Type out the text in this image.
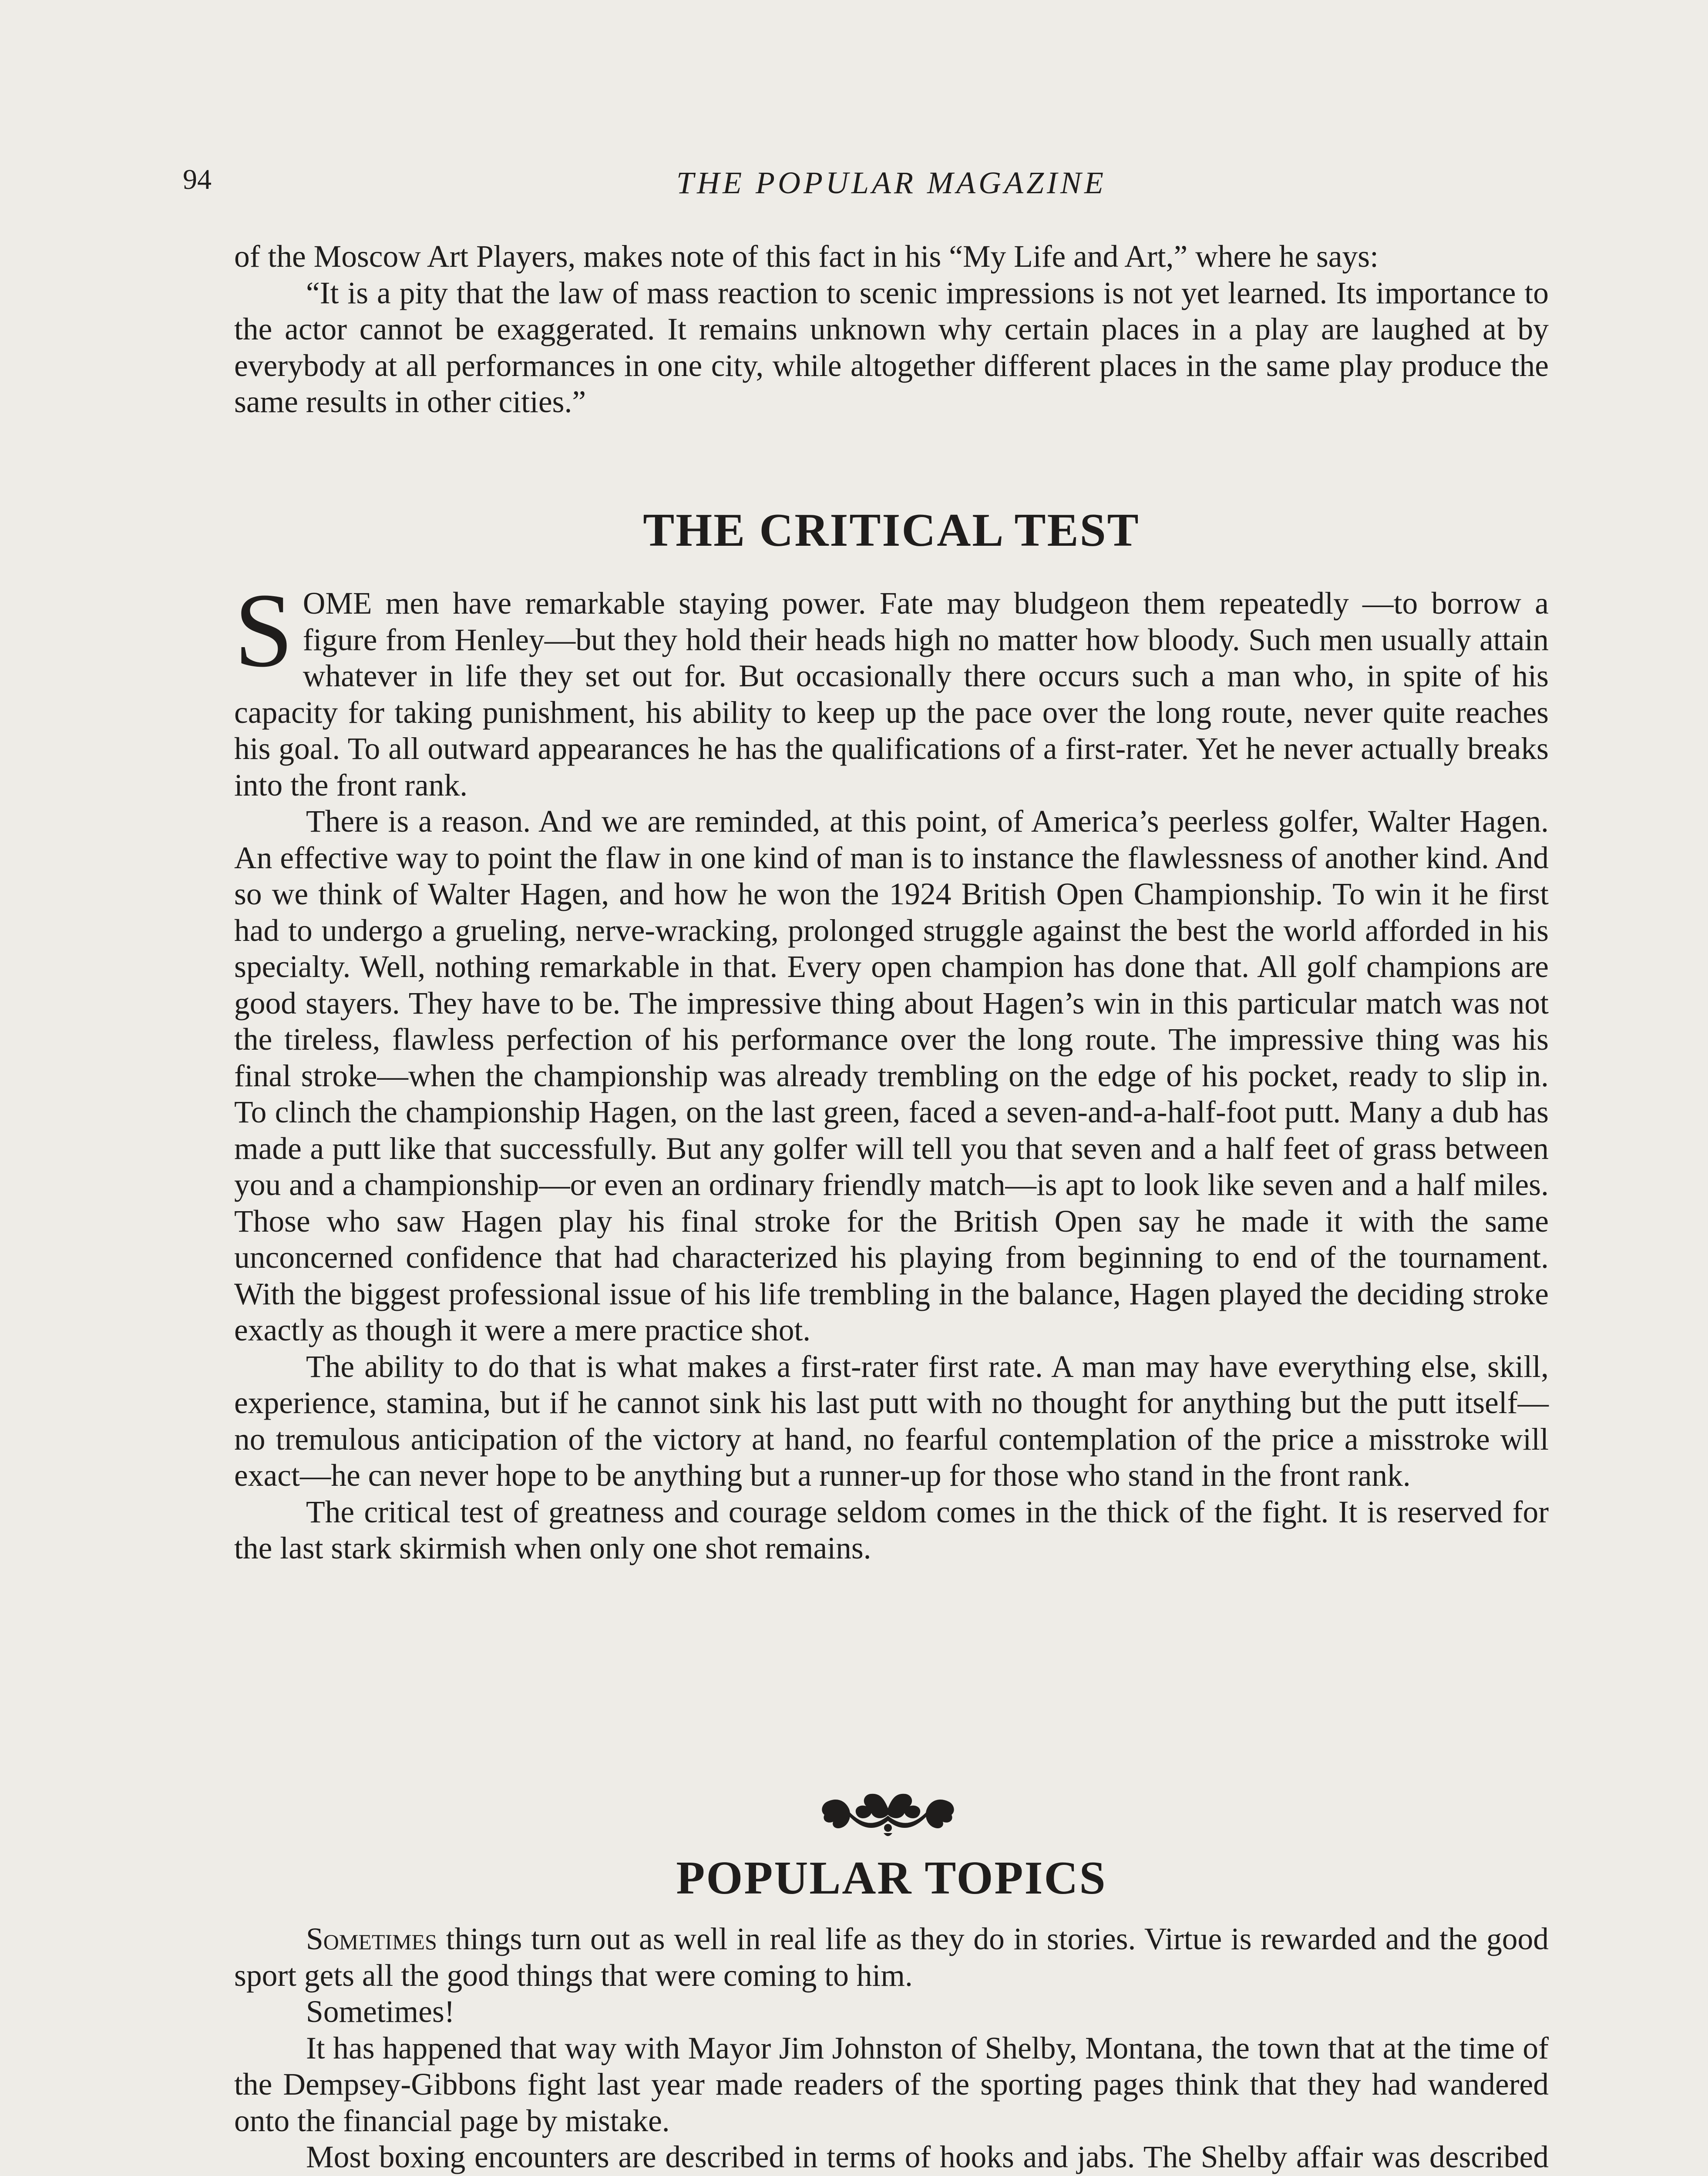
94	THE POPULAR MAGAZINE

of the Moscow Art Players, makes note of this fact in his “My Life and Art,” where he says:

“It is a pity that the law of mass reaction to scenic impressions is not yet learned. Its importance to the actor cannot be exaggerated. It remains unknown why certain places in a play are laughed at by everybody at all performances in one city, while altogether different places in the same play produce the same results in other cities.”

THE CRITICAL TEST

SOME men have remarkable staying power. Fate may bludgeon them repeatedly —to borrow a figure from Henley—but they hold their heads high no matter how bloody. Such men usually attain whatever in life they set out for. But occasionally there occurs such a man who, in spite of his capacity for taking punishment, his ability to keep up the pace over the long route, never quite reaches his goal. To all outward appearances he has the qualifications of a first-rater. Yet he never actually breaks into the front rank.

There is a reason. And we are reminded, at this point, of America’s peerless golfer, Walter Hagen. An effective way to point the flaw in one kind of man is to instance the flawlessness of another kind. And so we think of Walter Hagen, and how he won the 1924 British Open Championship. To win it he first had to undergo a grueling, nerve-wracking, prolonged struggle against the best the world afforded in his specialty. Well, nothing remarkable in that. Every open champion has done that. All golf champions are good stayers. They have to be. The impressive thing about Hagen’s win in this particular match was not the tireless, flawless perfection of his performance over the long route. The impressive thing was his final stroke—when the championship was already trembling on the edge of his pocket, ready to slip in. To clinch the championship Hagen, on the last green, faced a seven-and-a-half-foot putt. Many a dub has made a putt like that successfully. But any golfer will tell you that seven and a half feet of grass between you and a championship—or even an ordinary friendly match—is apt to look like seven and a half miles. Those who saw Hagen play his final stroke for the British Open say he made it with the same unconcerned confidence that had characterized his playing from beginning to end of the tournament. With the biggest professional issue of his life trembling in the balance, Hagen played the deciding stroke exactly as though it were a mere practice shot.

The ability to do that is what makes a first-rater first rate. A man may have everything else, skill, experience, stamina, but if he cannot sink his last putt with no thought for anything but the putt itself—no tremulous anticipation of the victory at hand, no fearful contemplation of the price a misstroke will exact—he can never hope to be anything but a runner-up for those who stand in the front rank.

The critical test of greatness and courage seldom comes in the thick of the fight. It is reserved for the last stark skirmish when only one shot remains.

POPULAR TOPICS

Sometimes things turn out as well in real life as they do in stories. Virtue is rewarded and the good sport gets all the good things that were coming to him.

Sometimes!

It has happened that way with Mayor Jim Johnston of Shelby, Montana, the town that at the time of the Dempsey-Gibbons fight last year made readers of the sporting pages think that they had wandered onto the financial page by mistake.

Most boxing encounters are described in terms of hooks and jabs. The Shelby affair was described
